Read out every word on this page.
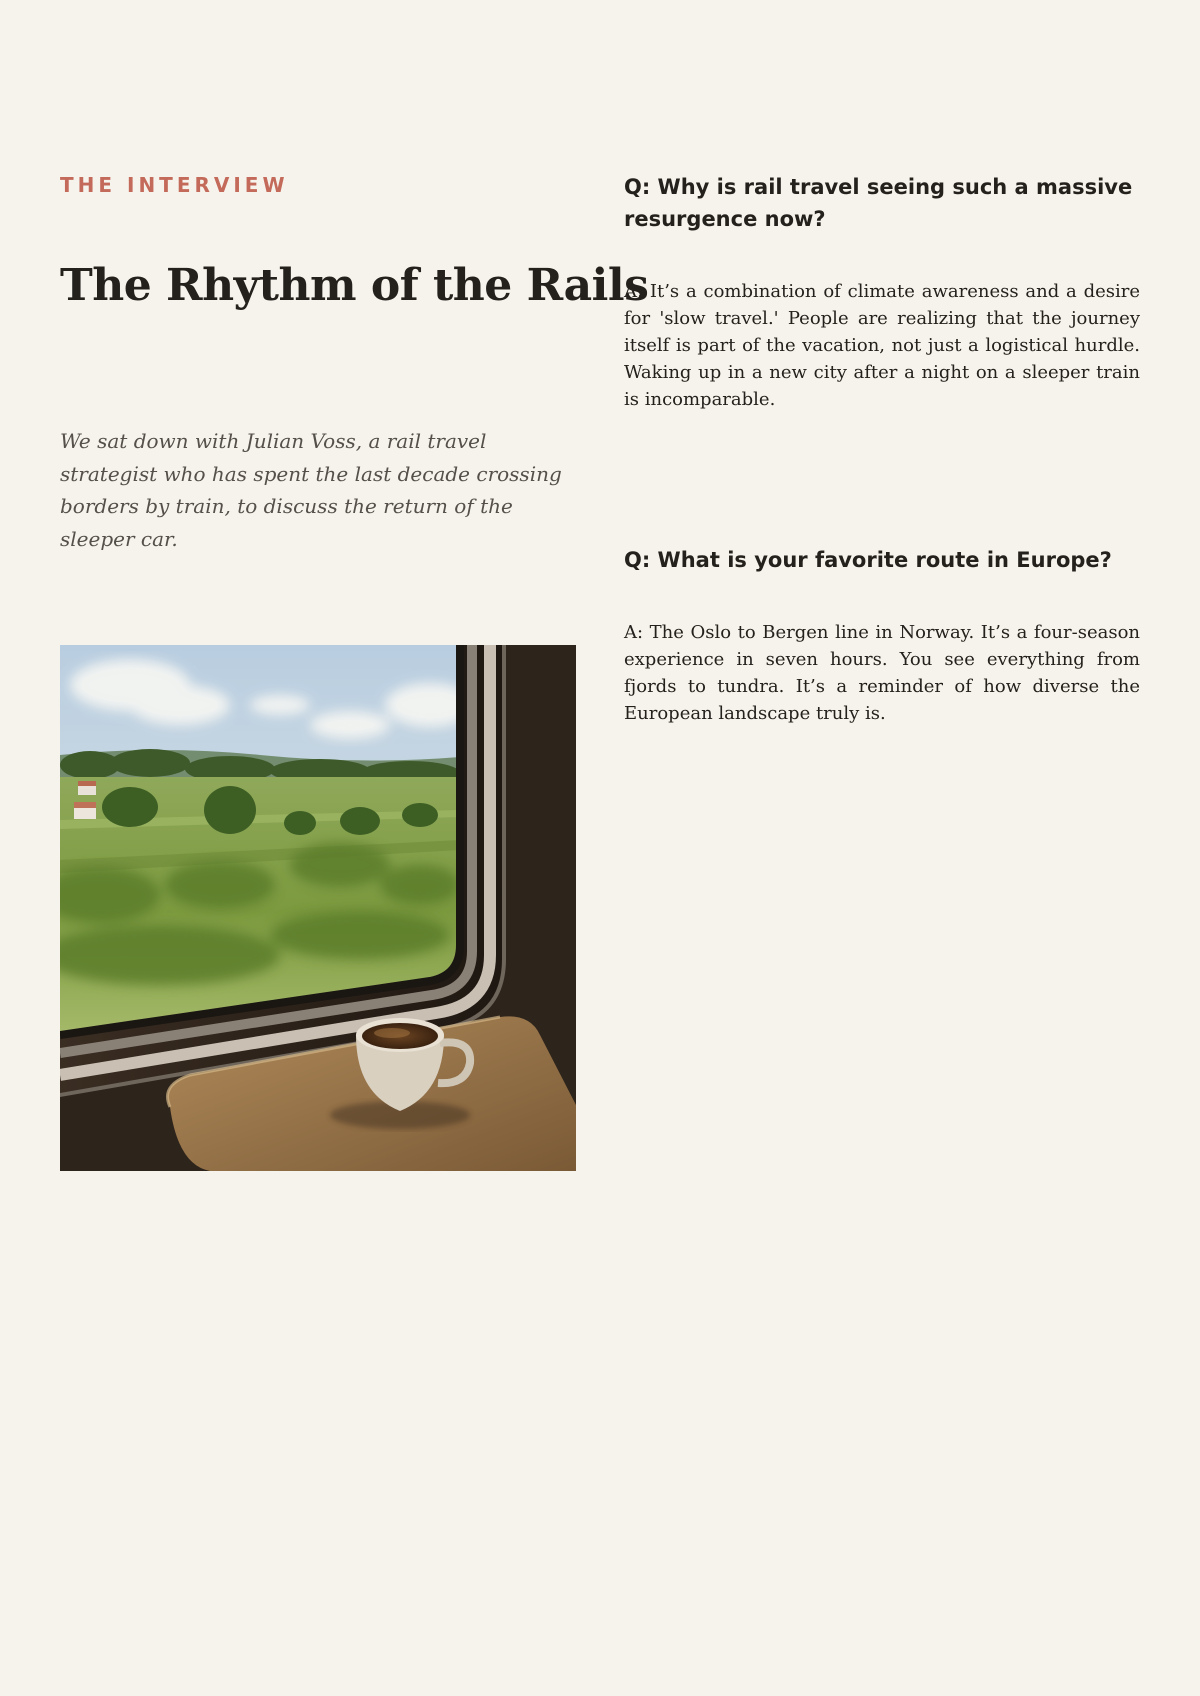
THE INTERVIEW
The Rhythm of the Rails

We sat down with Julian Voss, a rail travel strategist who has spent the last decade crossing borders by train, to discuss the return of the sleeper car.

Q: Why is rail travel seeing such a massive resurgence now?

A: It’s a combination of climate awareness and a desire for 'slow travel.' People are realizing that the journey itself is part of the vacation, not just a logistical hurdle. Waking up in a new city after a night on a sleeper train is incomparable.

Q: What is your favorite route in Europe?

A: The Oslo to Bergen line in Norway. It’s a four-season experience in seven hours. You see everything from fjords to tundra. It’s a reminder of how diverse the European landscape truly is.
